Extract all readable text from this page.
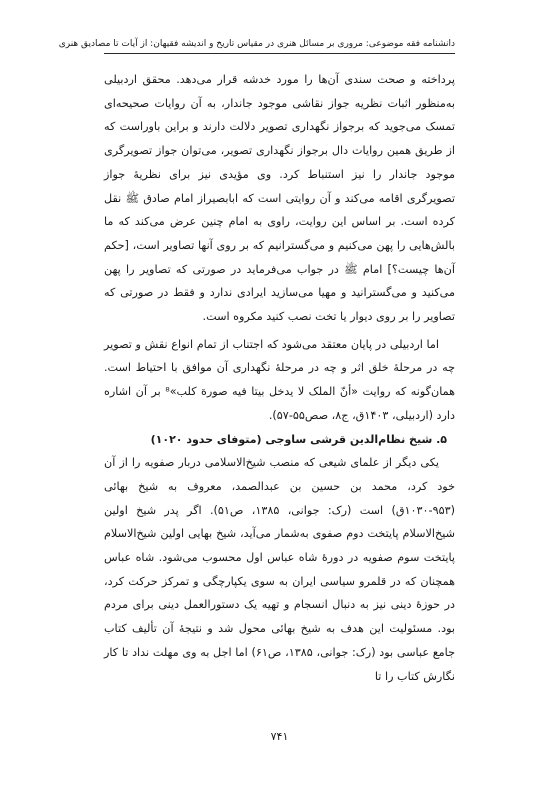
دانشنامه فقه موضوعی: مروری بر مسائل هنری در مقیاس تاریخ و اندیشه فقیهان: از آیات تا مصادیق هنری

پرداخته و صحت سندی آن‌ها را مورد خدشه قرار می‌دهد. محقق اردبیلی به‌منظور اثبات نظریه جواز نقاشی موجود جاندار، به آن روایات صحیحه‌ای تمسک می‌جوید که برجواز نگهداری تصویر دلالت دارند و براین باوراست که از طریق همین روایات دال برجواز نگهداری تصویر، می‌توان جواز تصویرگری موجود جاندار را نیز استنباط کرد. وی مؤیدی نیز برای نظریۀ جواز تصویرگری اقامه می‌کند و آن روایتی است که ابابصیراز امام صادق ﷺ نقل کرده است. بر اساس این روایت، راوی به امام چنین عرض می‌کند که ما بالش‌هایی را پهن می‌کنیم و می‌گستر‌انیم که بر روی آنها تصاویر است، [حکم آن‌ها چیست؟] امام ﷺ در جواب می‌فرماید در صورتی که تصاویر را پهن می‌کنید و می‌گسترانید و مهیا می‌سازید ایرادی ندارد و فقط در صورتی که تصاویر را بر روی دیوار یا تخت نصب کنید مکروه است.

اما اردبیلی در پایان معتقد می‌شود که اجتناب از تمام انواع نقش و تصویر چه در مرحلۀ خلق اثر و چه در مرحلۀ نگهداری آن موافق با احتیاط است. همان‌گونه که روایت «أنّ الملک لا یدخل بیتا فیه صورة کلب»⁸ بر آن اشاره دارد (اردبیلی، ۱۴۰۳ق، ج۸، صص۵۵-۵۷).

۵. شیخ نظام‌الدین قرشی ساوجی (متوفای حدود ۱۰۲۰)

یکی دیگر از علمای شیعی که منصب شیخ‌الاسلامی دربار صفویه را از آن خود کرد، محمد بن حسین بن عبدالصمد، معروف به شیخ بهائی (۹۵۳-۱۰۳۰ق) است (رک: جوانی، ۱۳۸۵، ص۵۱). اگر پدر شیخ اولین شیخ‌الاسلام پایتخت دوم صفوی به‌شمار می‌آید، شیخ بهایی اولین شیخ‌الاسلام پایتخت سوم صفویه در دورۀ شاه عباس اول محسوب می‌شود. شاه عباس همچنان که در قلمرو سیاسی ایران به سوی یکپارچگی و تمرکز حرکت کرد، در حوزۀ دینی نیز به دنبال انسجام و تهیه یک دستورالعمل دینی برای مردم بود. مسئولیت این هدف به شیخ بهائی محول شد و نتیجۀ آن تألیف کتاب جامع عباسی بود (رک: جوانی، ۱۳۸۵، ص۶۱) اما اجل به وی مهلت نداد تا کار نگارش کتاب را تا

۷۴۱
